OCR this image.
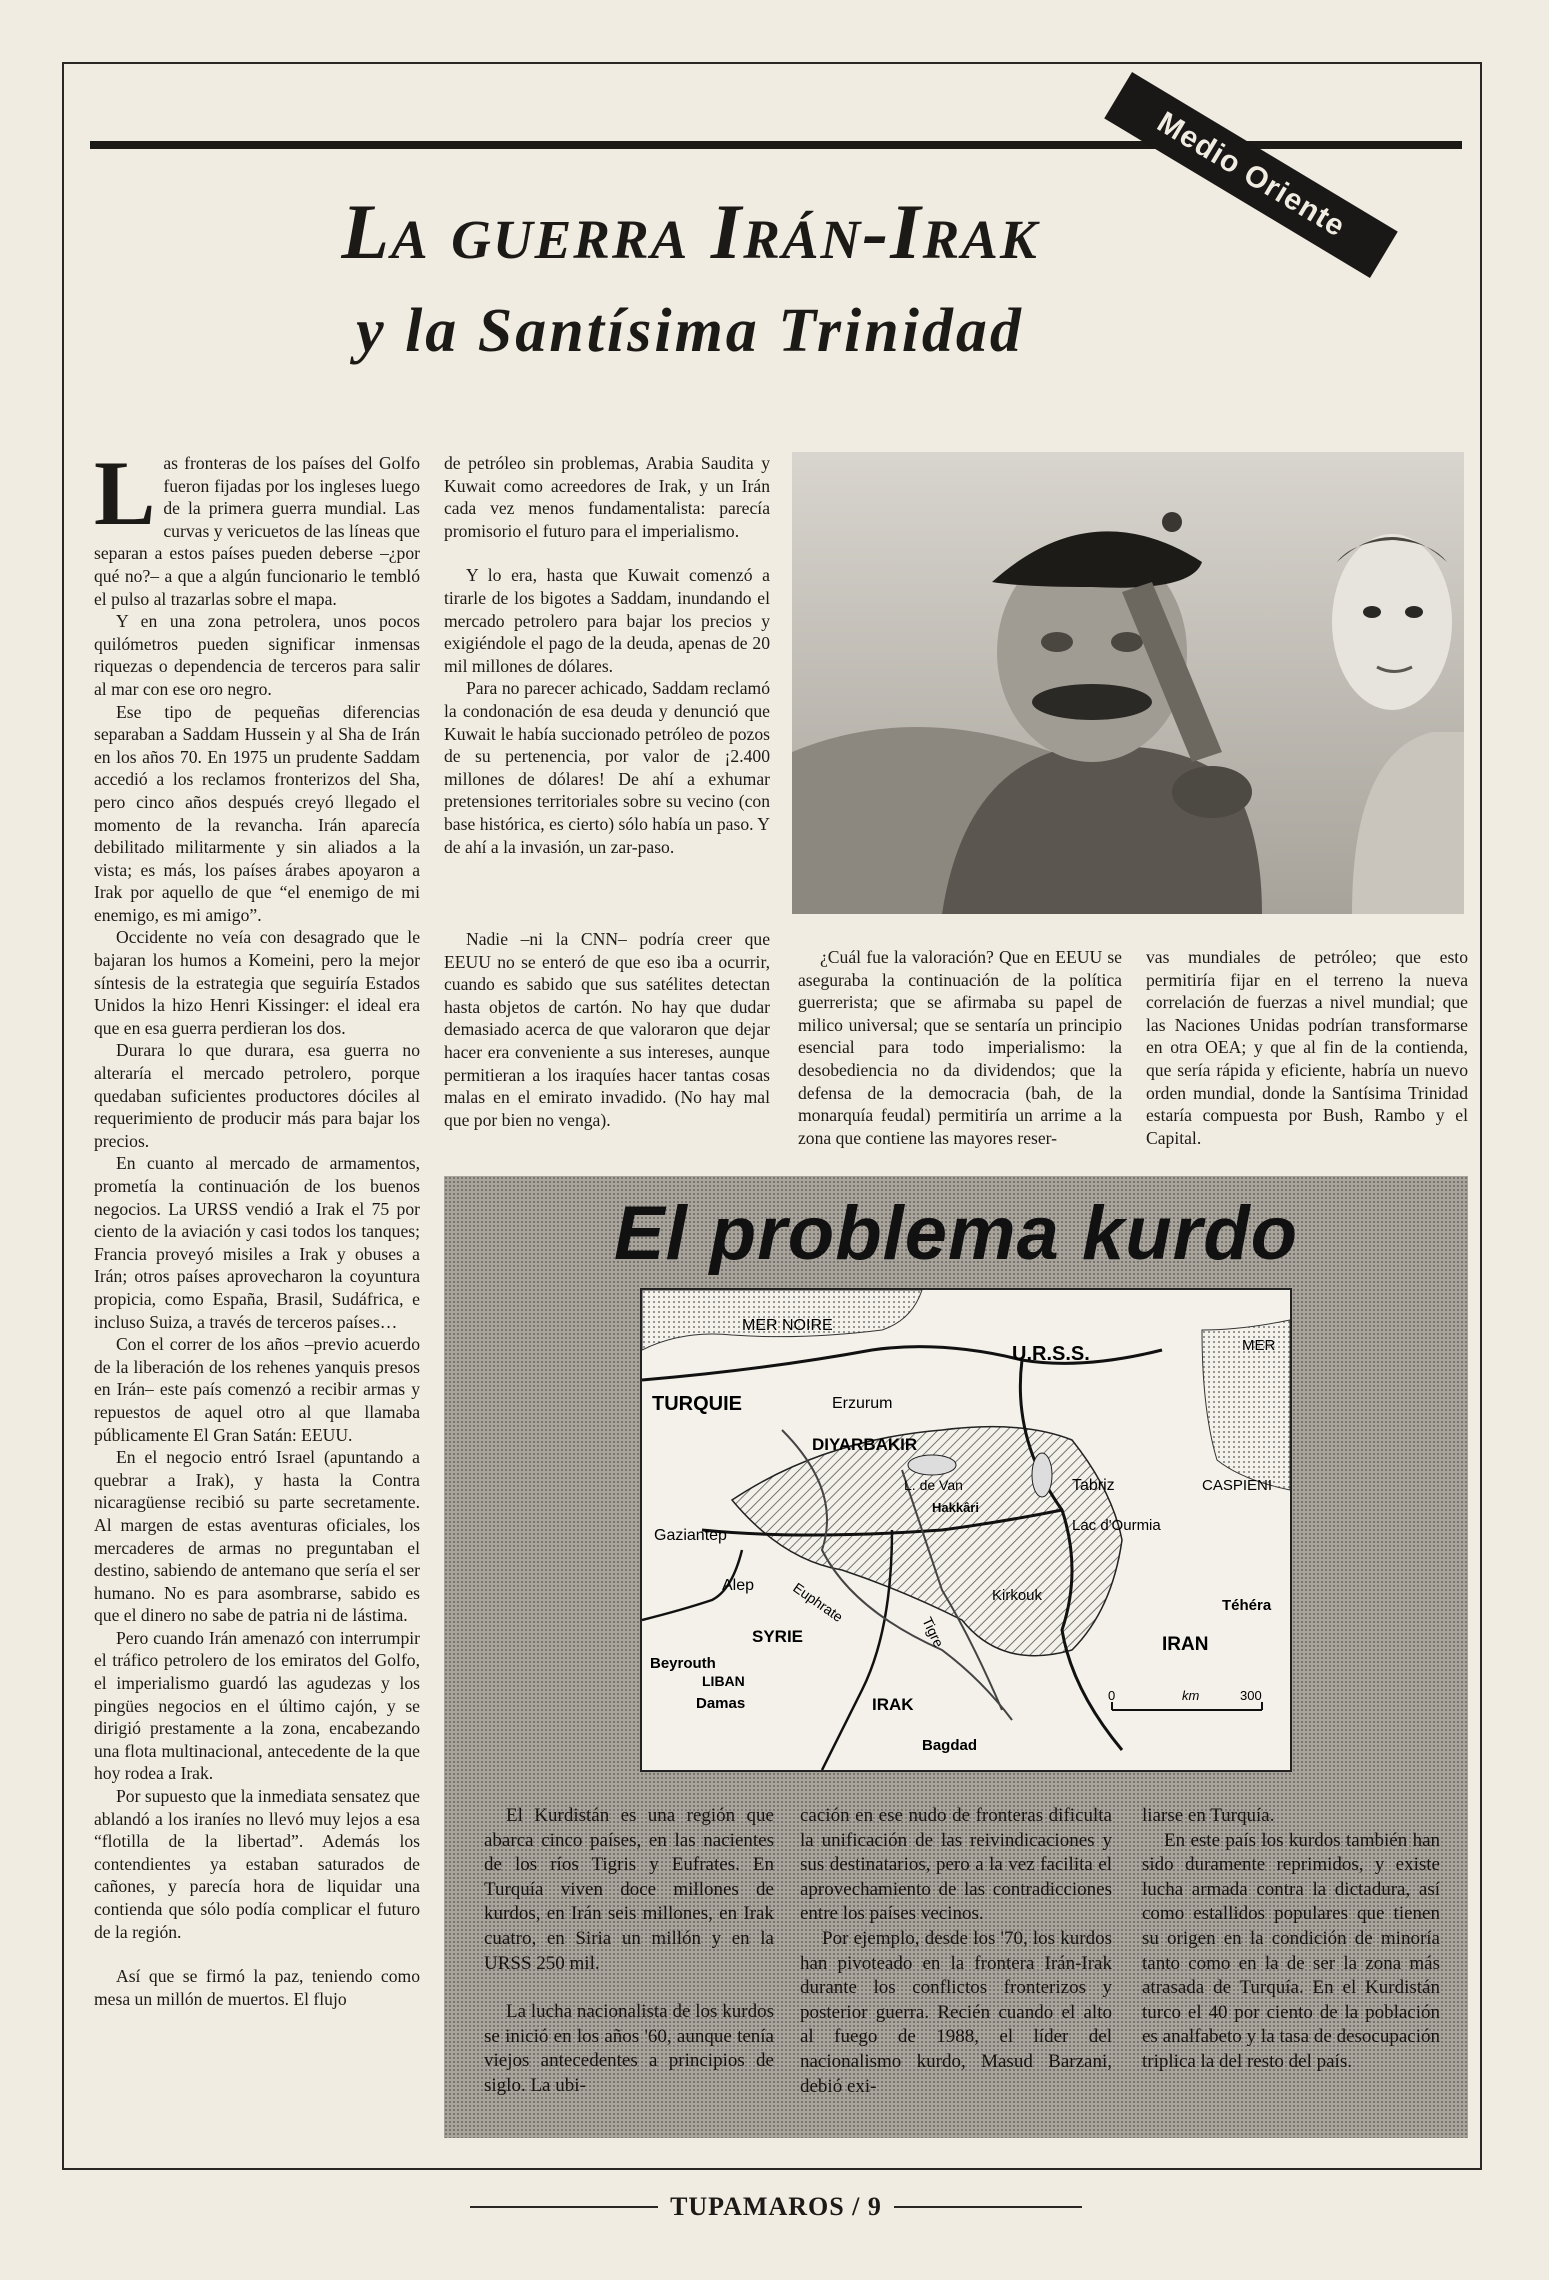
Medio Oriente
La guerra Irán-Irak
y la Santísima Trinidad

Las fronteras de los países del Golfo fueron fijadas por los ingleses luego de la primera guerra mundial. Las curvas y vericuetos de las líneas que separan a estos países pueden deberse –¿por qué no?– a que a algún funcionario le tembló el pulso al trazarlas sobre el mapa.

Y en una zona petrolera, unos pocos quilómetros pueden significar inmensas riquezas o dependencia de terceros para salir al mar con ese oro negro.

Ese tipo de pequeñas diferencias separaban a Saddam Hussein y al Sha de Irán en los años 70. En 1975 un prudente Saddam accedió a los reclamos fronterizos del Sha, pero cinco años después creyó llegado el momento de la revancha. Irán aparecía debilitado militarmente y sin aliados a la vista; es más, los países árabes apoyaron a Irak por aquello de que “el enemigo de mi enemigo, es mi amigo”.

Occidente no veía con desagrado que le bajaran los humos a Komeini, pero la mejor síntesis de la estrategia que seguiría Estados Unidos la hizo Henri Kissinger: el ideal era que en esa guerra perdieran los dos.

Durara lo que durara, esa guerra no alteraría el mercado petrolero, porque quedaban suficientes productores dóciles al requerimiento de producir más para bajar los precios.

En cuanto al mercado de armamentos, prometía la continuación de los buenos negocios. La URSS vendió a Irak el 75 por ciento de la aviación y casi todos los tanques; Francia proveyó misiles a Irak y obuses a Irán; otros países aprovecharon la coyuntura propicia, como España, Brasil, Sudáfrica, e incluso Suiza, a través de terceros países…

Con el correr de los años –previo acuerdo de la liberación de los rehenes yanquis presos en Irán– este país comenzó a recibir armas y repuestos de aquel otro al que llamaba públicamente El Gran Satán: EEUU.

En el negocio entró Israel (apuntando a quebrar a Irak), y hasta la Contra nicaragüense recibió su parte secretamente. Al margen de estas aventuras oficiales, los mercaderes de armas no preguntaban el destino, sabiendo de antemano que sería el ser humano. No es para asombrarse, sabido es que el dinero no sabe de patria ni de lástima.

Pero cuando Irán amenazó con interrumpir el tráfico petrolero de los emiratos del Golfo, el imperialismo guardó las agudezas y los pingües negocios en el último cajón, y se dirigió prestamente a la zona, encabezando una flota multinacional, antecedente de la que hoy rodea a Irak.

Por supuesto que la inmediata sensatez que ablandó a los iraníes no llevó muy lejos a esa “flotilla de la libertad”. Además los contendientes ya estaban saturados de cañones, y parecía hora de liquidar una contienda que sólo podía complicar el futuro de la región.

Así que se firmó la paz, teniendo como mesa un millón de muertos. El flujo

de petróleo sin problemas, Arabia Saudita y Kuwait como acreedores de Irak, y un Irán cada vez menos fundamentalista: parecía promisorio el futuro para el imperialismo.

Y lo era, hasta que Kuwait comenzó a tirarle de los bigotes a Saddam, inundando el mercado petrolero para bajar los precios y exigiéndole el pago de la deuda, apenas de 20 mil millones de dólares.

Para no parecer achicado, Saddam reclamó la condonación de esa deuda y denunció que Kuwait le había succionado petróleo de pozos de su pertenencia, por valor de ¡2.400 millones de dólares! De ahí a exhumar pretensiones territoriales sobre su vecino (con base histórica, es cierto) sólo había un paso. Y de ahí a la invasión, un zar-paso.

Nadie –ni la CNN– podría creer que EEUU no se enteró de que eso iba a ocurrir, cuando es sabido que sus satélites detectan hasta objetos de cartón. No hay que dudar demasiado acerca de que valoraron que dejar hacer era conveniente a sus intereses, aunque permitieran a los iraquíes hacer tantas cosas malas en el emirato invadido. (No hay mal que por bien no venga).

¿Cuál fue la valoración? Que en EEUU se aseguraba la continuación de la política guerrerista; que se afirmaba su papel de milico universal; que se sentaría un principio esencial para todo imperialismo: la desobediencia no da dividendos; que la defensa de la democracia (bah, de la monarquía feudal) permitiría un arrime a la zona que contiene las mayores reser-

vas mundiales de petróleo; que esto permitiría fijar en el terreno la nueva correlación de fuerzas a nivel mundial; que las Naciones Unidas podrían transformarse en otra OEA; y que al fin de la contienda, que sería rápida y eficiente, habría un nuevo orden mundial, donde la Santísima Trinidad estaría compuesta por Bush, Rambo y el Capital.

El problema kurdo
MER NOIRE
U.R.S.S.	MER
CASPIENI
TURQUIE	Erzurum
DIYARBAKIR
L. de Van
Hakkâri
Tabriz
Lac d'Ourmia
Gaziantep
Alep	Euphrate
Tigre
Kirkouk
Téhéra
SYRIE	IRAN
Beyrouth
LIBAN
Damas	IRAK
Bagdad
0	km	300

El Kurdistán es una región que abarca cinco países, en las nacientes de los ríos Tigris y Eufrates. En Turquía viven doce millones de kurdos, en Irán seis millones, en Irak cuatro, en Siria un millón y en la URSS 250 mil.

La lucha nacionalista de los kurdos se inició en los años '60, aunque tenía viejos antecedentes a principios de siglo. La ubi-

cación en ese nudo de fronteras dificulta la unificación de las reivindicaciones y sus destinatarios, pero a la vez facilita el aprovechamiento de las contradicciones entre los países vecinos.

Por ejemplo, desde los '70, los kurdos han pivoteado en la frontera Irán-Irak durante los conflictos fronterizos y posterior guerra. Recién cuando el alto al fuego de 1988, el líder del nacionalismo kurdo, Masud Barzani, debió exi-

liarse en Turquía.

En este país los kurdos también han sido duramente reprimidos, y existe lucha armada contra la dictadura, así como estallidos populares que tienen su origen en la condición de minoría tanto como en la de ser la zona más atrasada de Turquía. En el Kurdistán turco el 40 por ciento de la población es analfabeto y la tasa de desocupación triplica la del resto del país.

TUPAMAROS / 9
